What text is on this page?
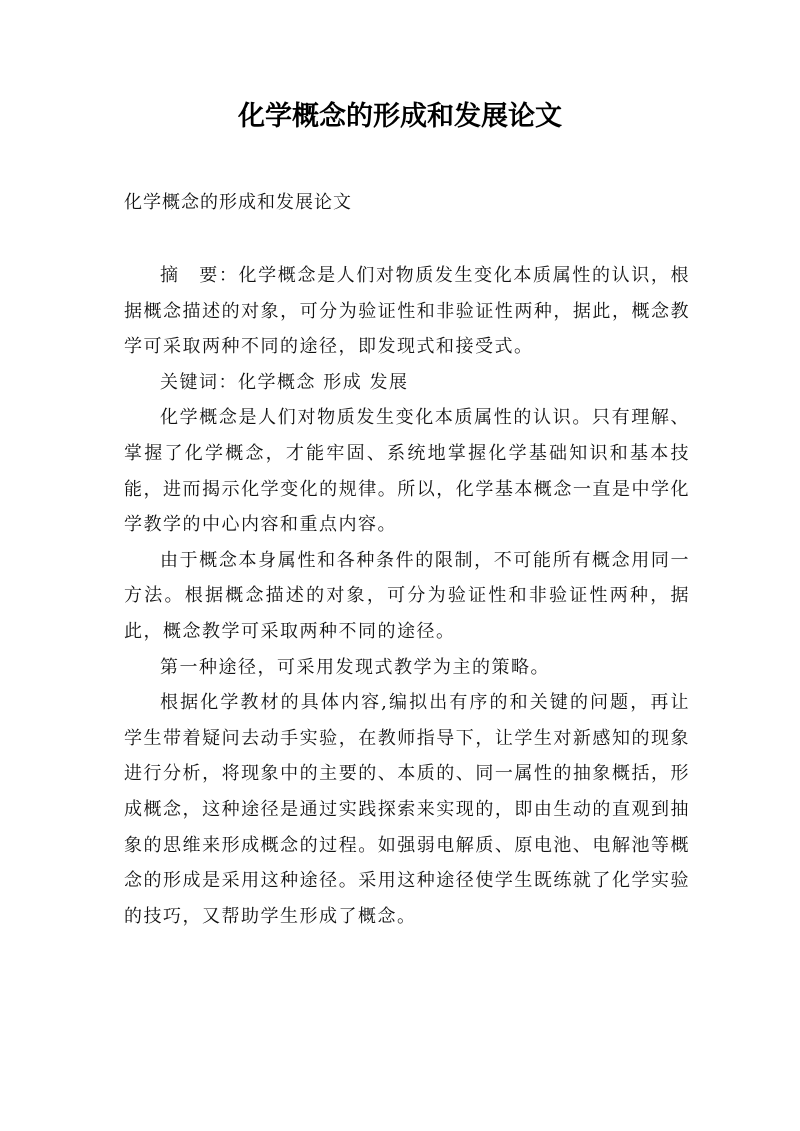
化学概念的形成和发展论文

化学概念的形成和发展论文

摘　要：化学概念是人们对物质发生变化本质属性的认识，根据概念描述的对象，可分为验证性和非验证性两种，据此，概念教学可采取两种不同的途径，即发现式和接受式。

关键词：化学概念 形成 发展

化学概念是人们对物质发生变化本质属性的认识。只有理解、掌握了化学概念，才能牢固、系统地掌握化学基础知识和基本技能，进而揭示化学变化的规律。所以，化学基本概念一直是中学化学教学的中心内容和重点内容。

由于概念本身属性和各种条件的限制，不可能所有概念用同一方法。根据概念描述的对象，可分为验证性和非验证性两种，据此，概念教学可采取两种不同的途径。

第一种途径，可采用发现式教学为主的策略。

根据化学教材的具体内容,编拟出有序的和关键的问题，再让学生带着疑问去动手实验，在教师指导下，让学生对新感知的现象进行分析，将现象中的主要的、本质的、同一属性的抽象概括，形成概念，这种途径是通过实践探索来实现的，即由生动的直观到抽象的思维来形成概念的过程。如强弱电解质、原电池、电解池等概念的形成是采用这种途径。采用这种途径使学生既练就了化学实验的技巧，又帮助学生形成了概念。
